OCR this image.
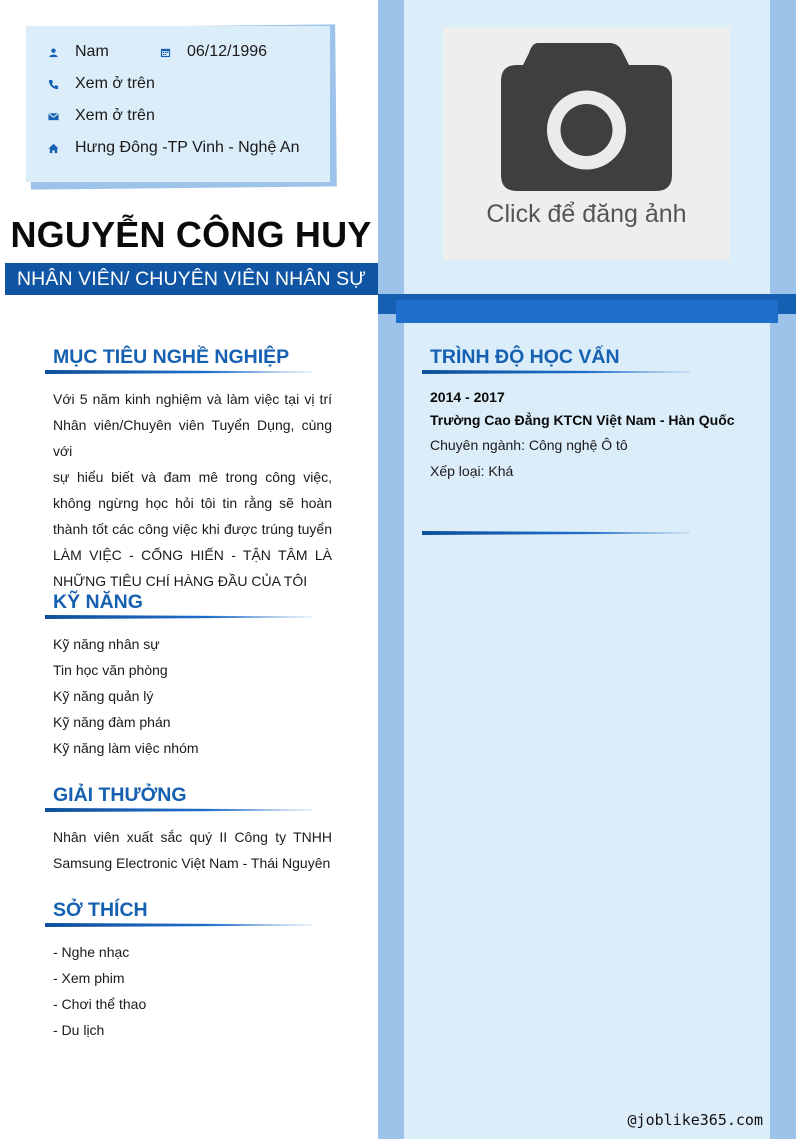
Nam	06/12/1996
Xem ở trên
Xem ở trên
Hưng Đông -TP Vinh - Nghệ An
NGUYỄN CÔNG HUY
NHÂN VIÊN/ CHUYÊN VIÊN NHÂN SỰ
Click để đăng ảnh
MỤC TIÊU NGHỀ NGHIỆP
Với 5 năm kinh nghiệm và làm việc tại vị trí
Nhân viên/Chuyên viên Tuyển Dụng, cùng với
sự hiểu biết và đam mê trong công việc,
không ngừng học hỏi tôi tin rằng sẽ hoàn
thành tốt các công việc khi được trúng tuyển
LÀM VIỆC - CỐNG HIẾN - TẬN TÂM LÀ
NHỮNG TIÊU CHÍ HÀNG ĐẦU CỦA TÔI
KỸ NĂNG
Kỹ năng nhân sự
Tin học văn phòng
Kỹ năng quản lý
Kỹ năng đàm phán
Kỹ năng làm việc nhóm
GIẢI THƯỞNG
Nhân viên xuất sắc quý II Công ty TNHH
Samsung Electronic Việt Nam - Thái Nguyên
SỞ THÍCH
- Nghe nhạc
- Xem phim
- Chơi thể thao
- Du lịch
TRÌNH ĐỘ HỌC VẤN
2014 - 2017
Trường Cao Đẳng KTCN Việt Nam - Hàn Quốc
Chuyên ngành: Công nghệ Ô tô
Xếp loại: Khá
@joblike365.com
